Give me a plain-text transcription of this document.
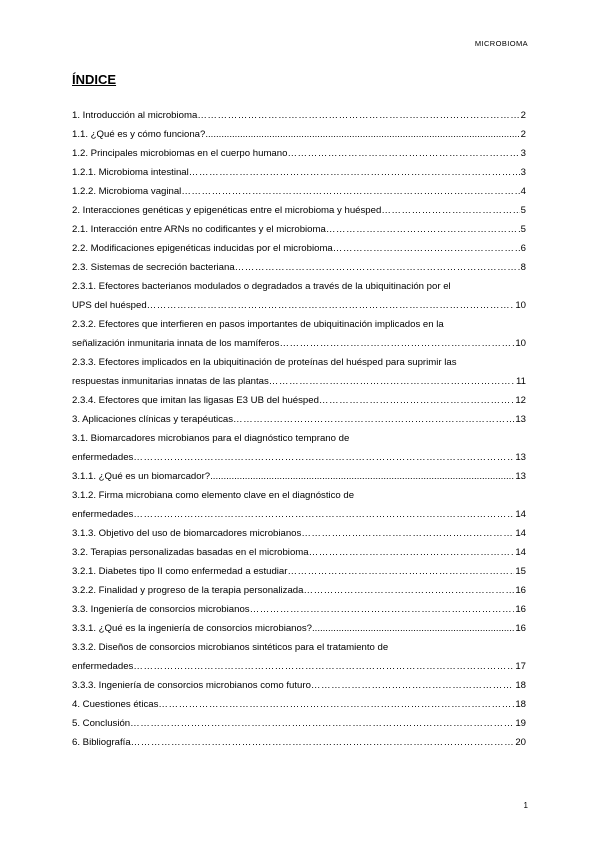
MICROBIOMA
ÍNDICE
1. Introducción al microbioma ………………………………………………………………………………………………………………………………………………………………………	2
1.1. ¿Qué es y cómo funciona? .....	2
1.2. Principales microbiomas en el cuerpo humano ………………………………………………………………………………………………………………………………………………………………………	3
1.2.1. Microbioma intestinal ………………………………………………………………………………………………………………………………………………………………………	3
1.2.2. Microbioma vaginal ………………………………………………………………………………………………………………………………………………………………………	4
2. Interacciones genéticas y epigenéticas entre el microbioma y huésped ………………………………………………………………………………………………………………………………………………………………………	5
2.1. Interacción entre ARNs no codificantes y el microbioma ………………………………………………………………………………………………………………………………………………………………………	5
2.2. Modificaciones epigenéticas inducidas por el microbioma ………………………………………………………………………………………………………………………………………………………………………	6
2.3. Sistemas de secreción bacteriana ………………………………………………………………………………………………………………………………………………………………………	8
2.3.1. Efectores bacterianos modulados o degradados a través de la ubiquitinación por el
UPS del huésped ………………………………………………………………………………………………………………………………………………………………………	10
2.3.2. Efectores que interfieren en pasos importantes de ubiquitinación implicados en la
señalización inmunitaria innata de los mamíferos ………………………………………………………………………………………………………………………………………………………………………	10
2.3.3. Efectores implicados en la ubiquitinación de proteínas del huésped para suprimir las
respuestas inmunitarias innatas de las plantas ………………………………………………………………………………………………………………………………………………………………………	11
2.3.4. Efectores que imitan las ligasas E3 UB del huésped ………………………………………………………………………………………………………………………………………………………………………	12
3. Aplicaciones clínicas y terapéuticas ………………………………………………………………………………………………………………………………………………………………………	13
3.1. Biomarcadores microbianos para el diagnóstico temprano de
enfermedades ………………………………………………………………………………………………………………………………………………………………………	13
3.1.1. ¿Qué es un biomarcador? .....	13
3.1.2. Firma microbiana como elemento clave en el diagnóstico de
enfermedades ………………………………………………………………………………………………………………………………………………………………………	14
3.1.3. Objetivo del uso de biomarcadores microbianos ………………………………………………………………………………………………………………………………………………………………………	14
3.2. Terapias personalizadas basadas en el microbioma ………………………………………………………………………………………………………………………………………………………………………	14
3.2.1. Diabetes tipo II como enfermedad a estudiar ………………………………………………………………………………………………………………………………………………………………………	15
3.2.2. Finalidad y progreso de la terapia personalizada ………………………………………………………………………………………………………………………………………………………………………	16
3.3. Ingeniería de consorcios microbianos ………………………………………………………………………………………………………………………………………………………………………	16
3.3.1. ¿Qué es la ingeniería de consorcios microbianos? .....	16
3.3.2. Diseños de consorcios microbianos sintéticos para el tratamiento de
enfermedades ………………………………………………………………………………………………………………………………………………………………………	17
3.3.3. Ingeniería de consorcios microbianos como futuro ………………………………………………………………………………………………………………………………………………………………………	18
4. Cuestiones éticas ………………………………………………………………………………………………………………………………………………………………………	18
5. Conclusión ………………………………………………………………………………………………………………………………………………………………………	19
6. Bibliografía ………………………………………………………………………………………………………………………………………………………………………	20
1
